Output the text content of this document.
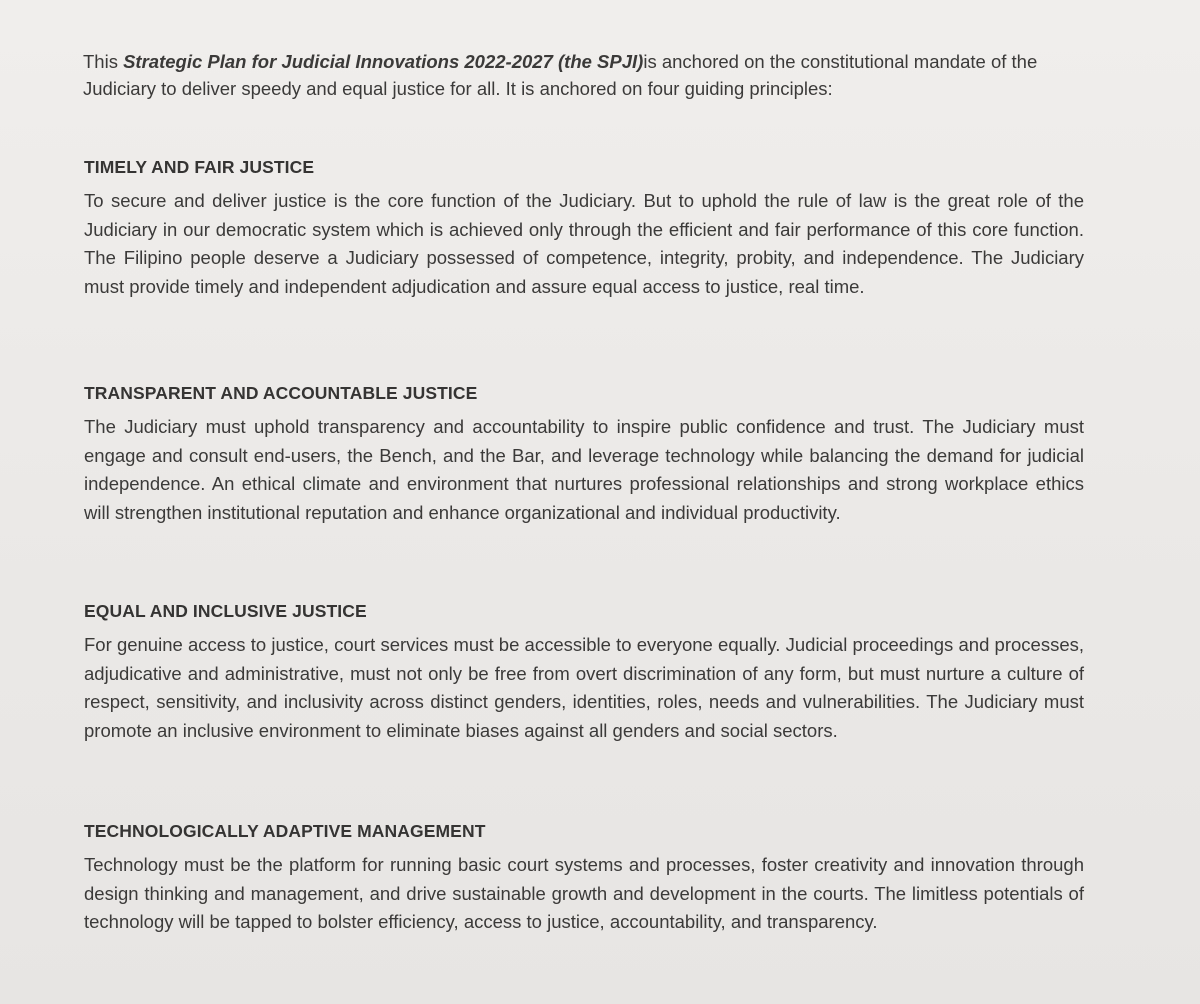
This Strategic Plan for Judicial Innovations 2022-2027 (the SPJI)is anchored on the constitutional mandate of the Judiciary to deliver speedy and equal justice for all. It is anchored on four guiding principles:

TIMELY AND FAIR JUSTICE

To secure and deliver justice is the core function of the Judiciary. But to uphold the rule of law is the great role of the Judiciary in our democratic system which is achieved only through the efficient and fair performance of this core function. The Filipino people deserve a Judiciary possessed of competence, integrity, probity, and independence. The Judiciary must provide timely and independent adjudication and assure equal access to justice, real time.

TRANSPARENT AND ACCOUNTABLE JUSTICE

The Judiciary must uphold transparency and accountability to inspire public confidence and trust. The Judiciary must engage and consult end-users, the Bench, and the Bar, and leverage technology while balancing the demand for judicial independence. An ethical climate and environment that nurtures professional relationships and strong workplace ethics will strengthen institutional reputation and enhance organizational and individual productivity.

EQUAL AND INCLUSIVE JUSTICE

For genuine access to justice, court services must be accessible to everyone equally. Judicial proceedings and processes, adjudicative and administrative, must not only be free from overt discrimination of any form, but must nurture a culture of respect, sensitivity, and inclusivity across distinct genders, identities, roles, needs and vulnerabilities. The Judiciary must promote an inclusive environment to eliminate biases against all genders and social sectors.

TECHNOLOGICALLY ADAPTIVE MANAGEMENT

Technology must be the platform for running basic court systems and processes, foster creativity and innovation through design thinking and management, and drive sustainable growth and development in the courts. The limitless potentials of technology will be tapped to bolster efficiency, access to justice, accountability, and transparency.
